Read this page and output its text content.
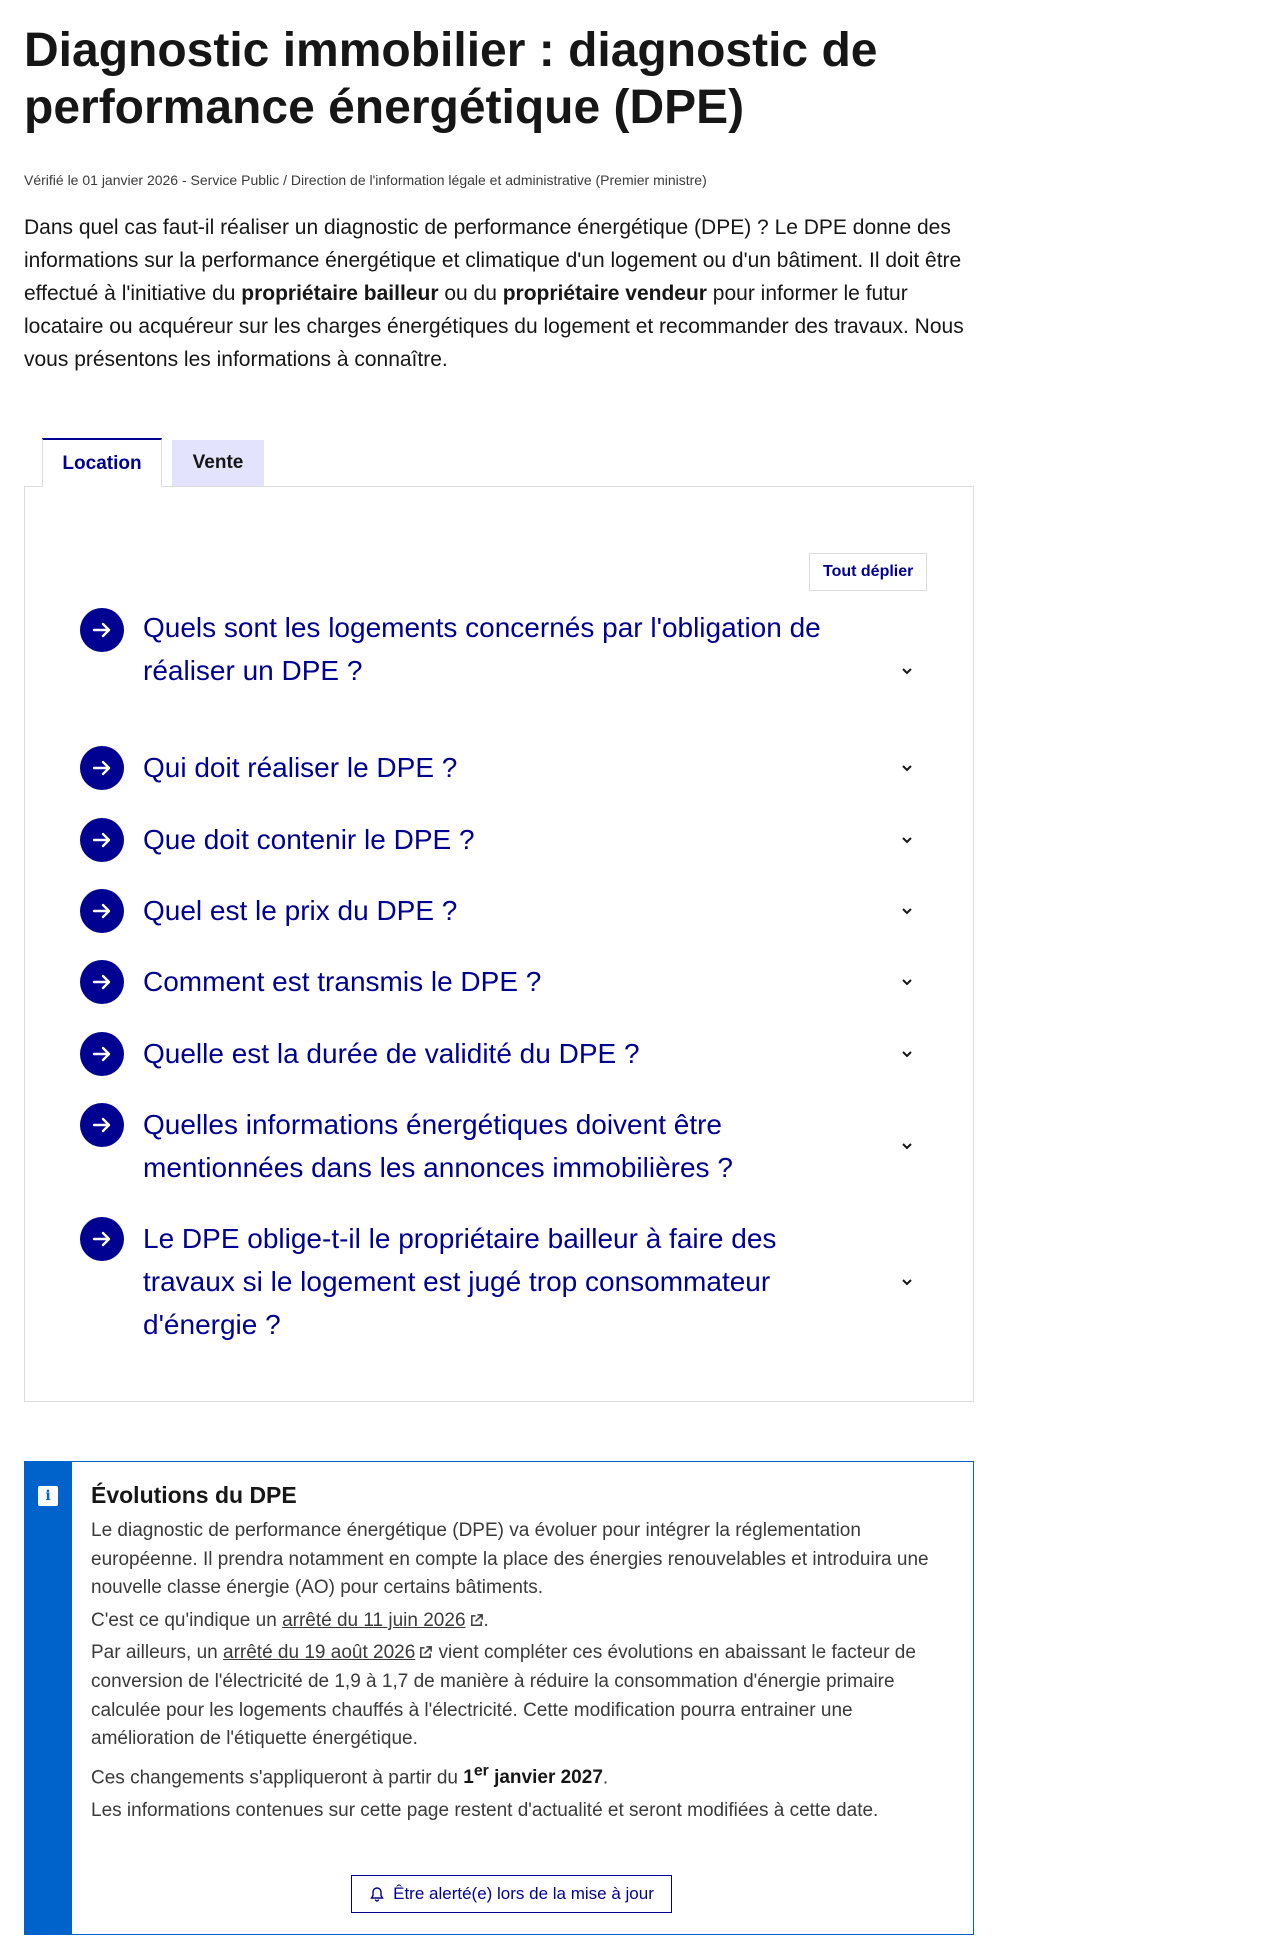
Diagnostic immobilier : diagnostic de performance énergétique (DPE)
Vérifié le 01 janvier 2026 - Service Public / Direction de l'information légale et administrative (Premier ministre)

Dans quel cas faut-il réaliser un diagnostic de performance énergétique (DPE) ? Le DPE donne des informations sur la performance énergétique et climatique d'un logement ou d'un bâtiment. Il doit être effectué à l'initiative du propriétaire bailleur ou du propriétaire vendeur pour informer le futur locataire ou acquéreur sur les charges énergétiques du logement et recommander des travaux. Nous vous présentons les informations à connaître.

Location	Vente
Tout déplier
Quels sont les logements concernés par l'obligation de réaliser un DPE ?
Qui doit réaliser le DPE ?
Que doit contenir le DPE ?
Quel est le prix du DPE ?
Comment est transmis le DPE ?
Quelle est la durée de validité du DPE ?
Quelles informations énergétiques doivent être mentionnées dans les annonces immobilières ?
Le DPE oblige-t-il le propriétaire bailleur à faire des travaux si le logement est jugé trop consommateur d'énergie ?
i	Évolutions du DPE

Le diagnostic de performance énergétique (DPE) va évoluer pour intégrer la réglementation européenne. Il prendra notamment en compte la place des énergies renouvelables et introduira une nouvelle classe énergie (AO) pour certains bâtiments.

C'est ce qu'indique un arrêté du 11 juin 2026 .

Par ailleurs, un arrêté du 19 août 2026 vient compléter ces évolutions en abaissant le facteur de conversion de l'électricité de 1,9 à 1,7 de manière à réduire la consommation d'énergie primaire calculée pour les logements chauffés à l'électricité. Cette modification pourra entrainer une amélioration de l'étiquette énergétique.

Ces changements s'appliqueront à partir du 1er janvier 2027.

Les informations contenues sur cette page restent d'actualité et seront modifiées à cette date.

Être alerté(e) lors de la mise à jour
